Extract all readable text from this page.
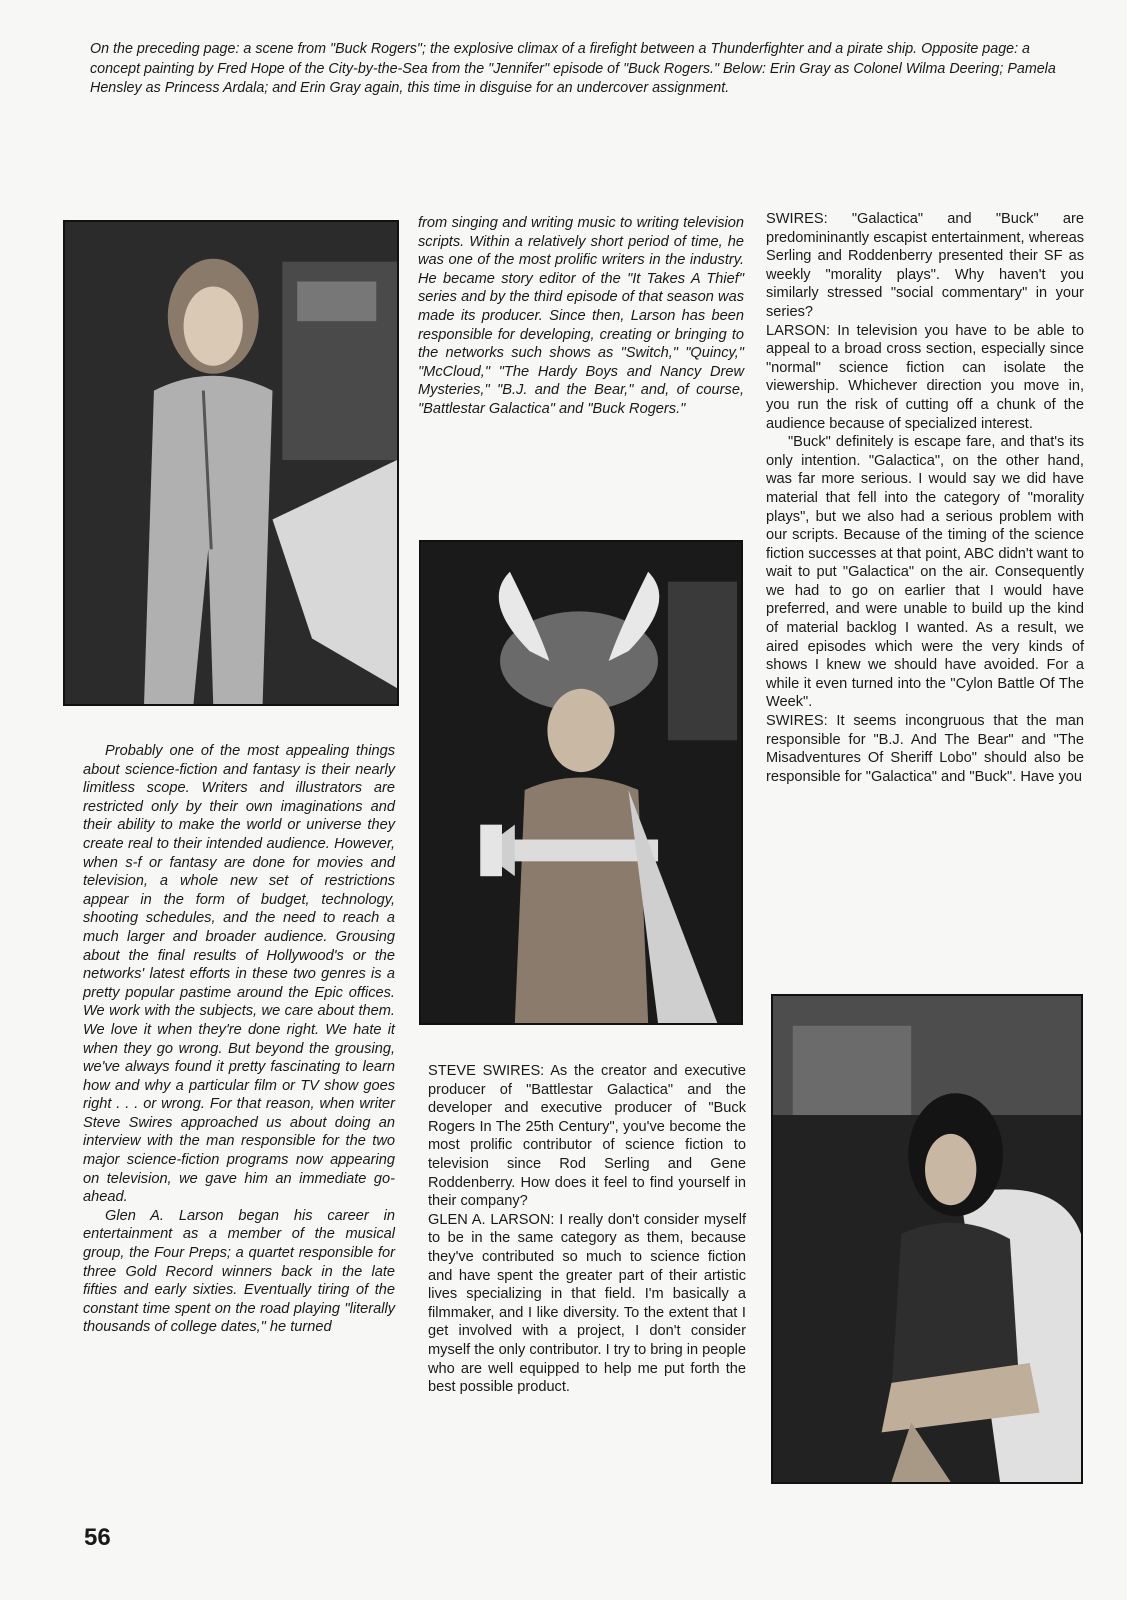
On the preceding page: a scene from "Buck Rogers"; the explosive climax of a firefight between a Thunderfighter and a pirate ship. Opposite page: a concept painting by Fred Hope of the City-by-the-Sea from the "Jennifer" episode of "Buck Rogers." Below: Erin Gray as Colonel Wilma Deering; Pamela Hensley as Princess Ardala; and Erin Gray again, this time in disguise for an undercover assignment.

Probably one of the most appealing things about science-fiction and fantasy is their nearly limitless scope. Writers and illustrators are restricted only by their own imaginations and their ability to make the world or universe they create real to their intended audience. However, when s-f or fantasy are done for movies and television, a whole new set of restrictions appear in the form of budget, technology, shooting schedules, and the need to reach a much larger and broader audience. Grousing about the final results of Hollywood's or the networks' latest efforts in these two genres is a pretty popular pastime around the Epic offices. We work with the subjects, we care about them. We love it when they're done right. We hate it when they go wrong. But beyond the grousing, we've always found it pretty fascinating to learn how and why a particular film or TV show goes right . . . or wrong. For that reason, when writer Steve Swires approached us about doing an interview with the man responsible for the two major science-fiction programs now appearing on television, we gave him an immediate go-ahead.

Glen A. Larson began his career in entertainment as a member of the musical group, the Four Preps; a quartet responsible for three Gold Record winners back in the late fifties and early sixties. Eventually tiring of the constant time spent on the road playing "literally thousands of college dates," he turned

from singing and writing music to writing television scripts. Within a relatively short period of time, he was one of the most prolific writers in the industry. He became story editor of the "It Takes A Thief" series and by the third episode of that season was made its producer. Since then, Larson has been responsible for developing, creating or bringing to the networks such shows as "Switch," "Quincy," "McCloud," "The Hardy Boys and Nancy Drew Mysteries," "B.J. and the Bear," and, of course, "Battlestar Galactica" and "Buck Rogers."

STEVE SWIRES: As the creator and executive producer of "Battlestar Galactica" and the developer and executive producer of "Buck Rogers In The 25th Century", you've become the most prolific contributor of science fiction to television since Rod Serling and Gene Roddenberry. How does it feel to find yourself in their company?

GLEN A. LARSON: I really don't consider myself to be in the same category as them, because they've contributed so much to science fiction and have spent the greater part of their artistic lives specializing in that field. I'm basically a filmmaker, and I like diversity. To the extent that I get involved with a project, I don't consider myself the only contributor. I try to bring in people who are well equipped to help me put forth the best possible product.

SWIRES: "Galactica" and "Buck" are predomininantly escapist entertainment, whereas Serling and Roddenberry presented their SF as weekly "morality plays". Why haven't you similarly stressed "social commentary" in your series?

LARSON: In television you have to be able to appeal to a broad cross section, especially since "normal" science fiction can isolate the viewership. Whichever direction you move in, you run the risk of cutting off a chunk of the audience because of specialized interest.

"Buck" definitely is escape fare, and that's its only intention. "Galactica", on the other hand, was far more serious. I would say we did have material that fell into the category of "morality plays", but we also had a serious problem with our scripts. Because of the timing of the science fiction successes at that point, ABC didn't want to wait to put "Galactica" on the air. Consequently we had to go on earlier that I would have preferred, and were unable to build up the kind of material backlog I wanted. As a result, we aired episodes which were the very kinds of shows I knew we should have avoided. For a while it even turned into the "Cylon Battle Of The Week".

SWIRES: It seems incongruous that the man responsible for "B.J. And The Bear" and "The Misadventures Of Sheriff Lobo" should also be responsible for "Galactica" and "Buck". Have you

56
